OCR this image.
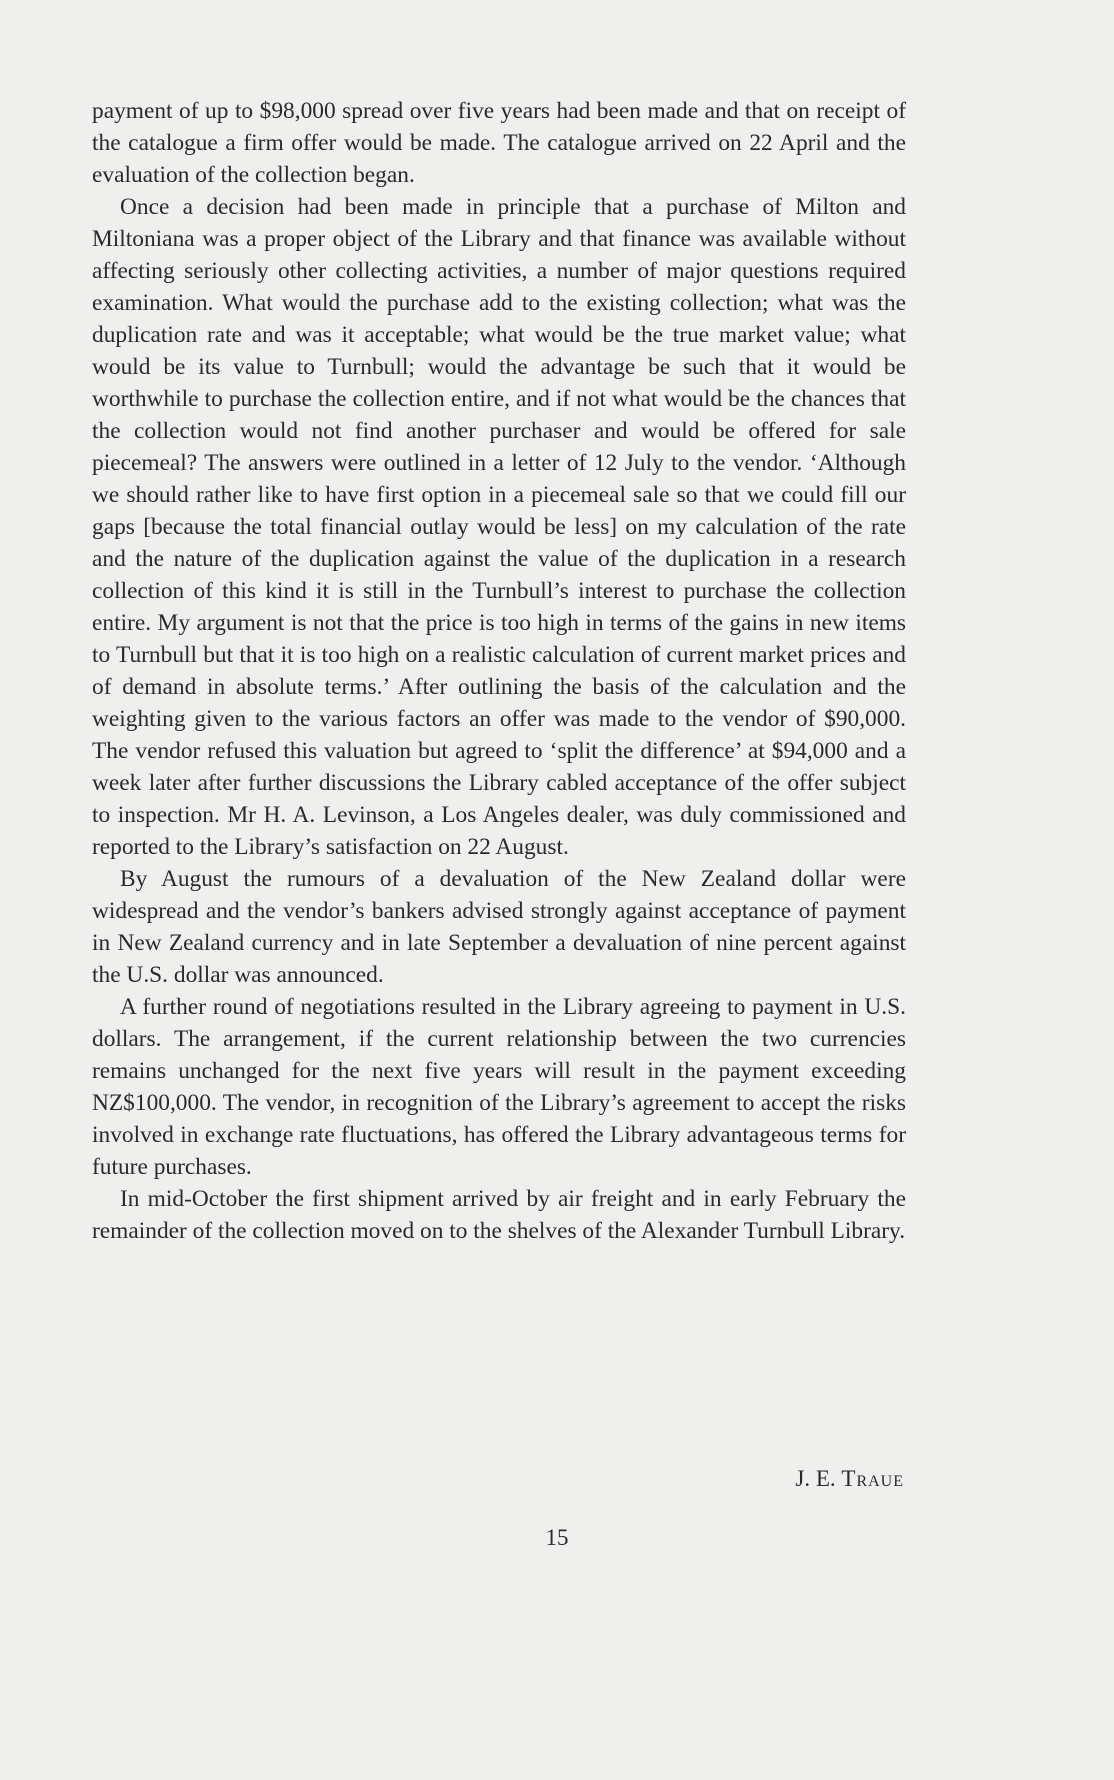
payment of up to $98,000 spread over five years had been made and that on receipt of the catalogue a firm offer would be made. The catalogue arrived on 22 April and the evaluation of the collection began.

Once a decision had been made in principle that a purchase of Milton and Miltoniana was a proper object of the Library and that finance was available without affecting seriously other collecting activities, a number of major questions required examination. What would the purchase add to the existing collection; what was the duplication rate and was it acceptable; what would be the true market value; what would be its value to Turnbull; would the advantage be such that it would be worthwhile to purchase the collection entire, and if not what would be the chances that the collection would not find another purchaser and would be offered for sale piecemeal? The answers were outlined in a letter of 12 July to the vendor. ‘Although we should rather like to have first option in a piecemeal sale so that we could fill our gaps [because the total financial outlay would be less] on my calculation of the rate and the nature of the duplication against the value of the duplication in a research collection of this kind it is still in the Turnbull’s interest to purchase the collection entire. My argument is not that the price is too high in terms of the gains in new items to Turnbull but that it is too high on a realistic calculation of current market prices and of demand in absolute terms.’ After outlining the basis of the calculation and the weighting given to the various factors an offer was made to the vendor of $90,000. The vendor refused this valuation but agreed to ‘split the difference’ at $94,000 and a week later after further discussions the Library cabled acceptance of the offer subject to inspection. Mr H. A. Levinson, a Los Angeles dealer, was duly commissioned and reported to the Library’s satisfaction on 22 August.

By August the rumours of a devaluation of the New Zealand dollar were widespread and the vendor’s bankers advised strongly against acceptance of payment in New Zealand currency and in late September a devaluation of nine percent against the U.S. dollar was announced.

A further round of negotiations resulted in the Library agreeing to payment in U.S. dollars. The arrangement, if the current relationship between the two currencies remains unchanged for the next five years will result in the payment exceeding NZ$100,000. The vendor, in recognition of the Library’s agreement to accept the risks involved in exchange rate fluctuations, has offered the Library advantageous terms for future purchases.

In mid-October the first shipment arrived by air freight and in early February the remainder of the collection moved on to the shelves of the Alexander Turnbull Library.

J. E. Traue
15
